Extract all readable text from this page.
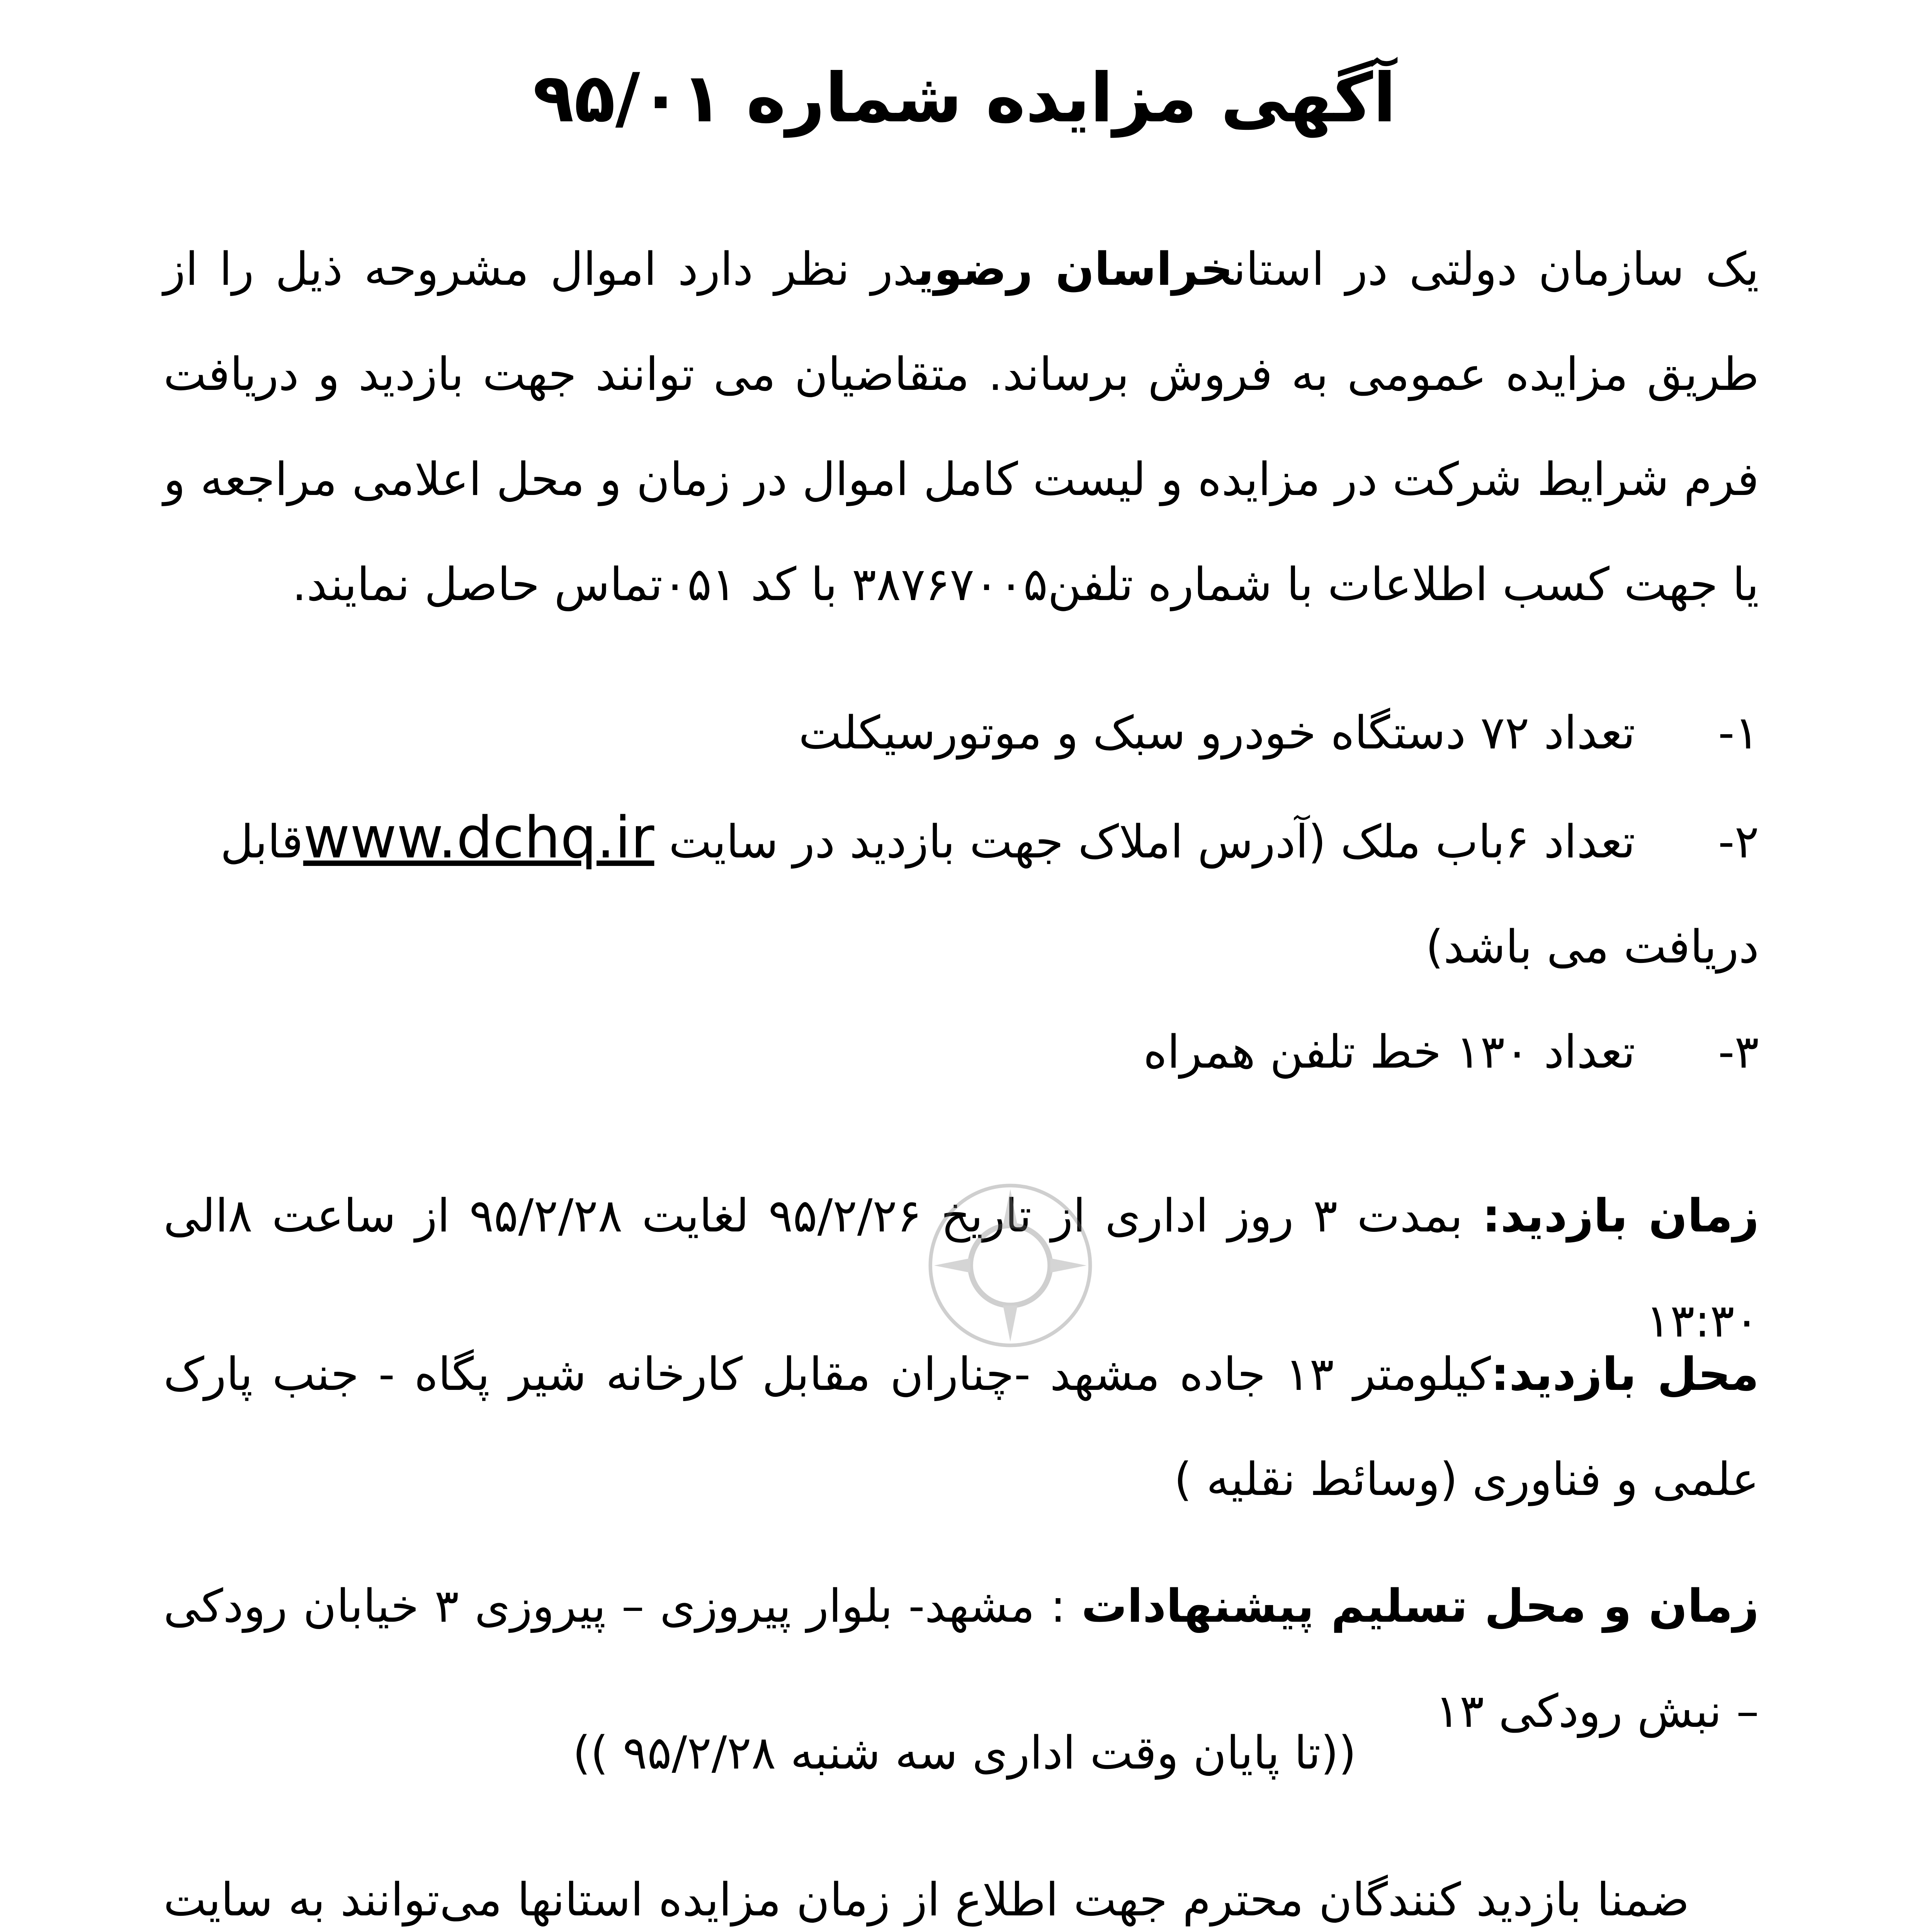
آگهی مزایده شماره ۹۵/۰۱

یک سازمان دولتی در استانخراسان رضویدر نظر دارد اموال مشروحه ذیل را از طریق مزایده عمومی به فروش برساند. متقاضیان می توانند جهت بازدید و دریافت فرم شرایط شرکت در مزایده و لیست کامل اموال در زمان و محل اعلامی مراجعه و یا جهت کسب اطلاعات با شماره تلفن۳۸۷۶۷۰۰۵ با کد ۰۵۱تماس حاصل نمایند.

۱-تعداد ۷۲ دستگاه خودرو سبک و موتورسیکلت
۲-تعداد ۶باب ملک (آدرس املاک جهت بازدید در سایت www.dchq.irقابل دریافت می باشد)
۳-تعداد ۱۳۰ خط تلفن همراه

زمان بازدید: بمدت ۳ روز اداری از تاریخ ۹۵/۲/۲۶ لغایت ۹۵/۲/۲۸ از ساعت ۸الی ۱۳:۳۰

محل بازدید:کیلومتر ۱۳ جاده مشهد -چناران مقابل کارخانه شیر پگاه - جنب پارک علمی و فناوری (وسائط نقلیه )

زمان و محل تسلیم پیشنهادات : مشهد- بلوار پیروزی – پیروزی ۳ خیابان رودکی – نبش رودکی ۱۳

((تا پایان وقت اداری سه شنبه ۹۵/۲/۲۸ ))

ضمنا بازدید کنندگان محترم جهت اطلاع از زمان مزایده استانها می‌توانند به سایت
